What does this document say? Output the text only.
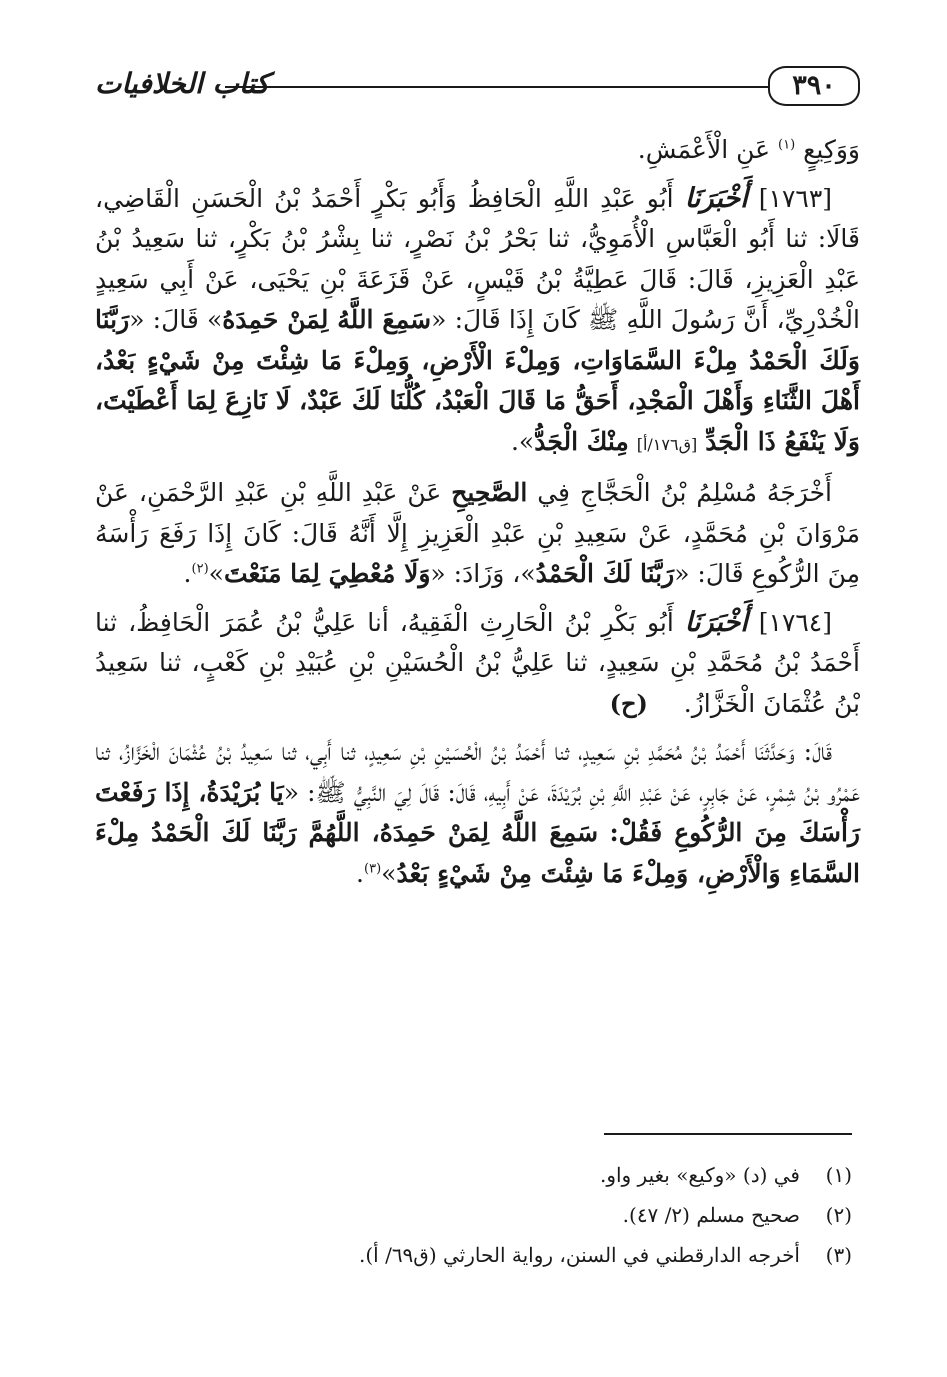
٣٩٠
كتاب الخلافيات

وَوَكِيعٍ $^{(١)}$ عَنِ الْأَعْمَشِ.

[١٧٦٣] أَخْبَرَنَا أَبُو عَبْدِ اللَّهِ الْحَافِظُ وَأَبُو بَكْرٍ أَحْمَدُ بْنُ الْحَسَنِ الْقَاضِي، قَالَا: ثنا أَبُو الْعَبَّاسِ الْأُمَوِيُّ، ثنا بَحْرُ بْنُ نَصْرٍ، ثنا بِشْرُ بْنُ بَكْرٍ، ثنا سَعِيدُ بْنُ عَبْدِ الْعَزِيزِ، قَالَ: قَالَ عَطِيَّةُ بْنُ قَيْسٍ، عَنْ قَزَعَةَ بْنِ يَحْيَى، عَنْ أَبِي سَعِيدٍ الْخُدْرِيِّ، أَنَّ رَسُولَ اللَّهِ ﷺ كَانَ إِذَا قَالَ: «سَمِعَ اللَّهُ لِمَنْ حَمِدَهُ» قَالَ: «رَبَّنَا وَلَكَ الْحَمْدُ مِلْءَ السَّمَاوَاتِ، وَمِلْءَ الْأَرْضِ، وَمِلْءَ مَا شِئْتَ مِنْ شَيْءٍ بَعْدُ، أَهْلَ الثَّنَاءِ وَأَهْلَ الْمَجْدِ، أَحَقُّ مَا قَالَ الْعَبْدُ، كُلُّنَا لَكَ عَبْدٌ، لَا نَازِعَ لِمَا أَعْطَيْتَ، وَلَا يَنْفَعُ ذَا الْجَدِّ [ق١٧٦/أ] مِنْكَ الْجَدُّ».

أَخْرَجَهُ مُسْلِمُ بْنُ الْحَجَّاجِ فِي الصَّحِيحِ عَنْ عَبْدِ اللَّهِ بْنِ عَبْدِ الرَّحْمَنِ، عَنْ مَرْوَانَ بْنِ مُحَمَّدٍ، عَنْ سَعِيدِ بْنِ عَبْدِ الْعَزِيزِ إِلَّا أَنَّهُ قَالَ: كَانَ إِذَا رَفَعَ رَأْسَهُ مِنَ الرُّكُوعِ قَالَ: «رَبَّنَا لَكَ الْحَمْدُ»، وَزَادَ: «وَلَا مُعْطِيَ لِمَا مَنَعْتَ»$^{(٢)}$.

[١٧٦٤] أَخْبَرَنَا أَبُو بَكْرِ بْنُ الْحَارِثِ الْفَقِيهُ، أنا عَلِيُّ بْنُ عُمَرَ الْحَافِظُ، ثنا أَحْمَدُ بْنُ مُحَمَّدِ بْنِ سَعِيدٍ، ثنا عَلِيُّ بْنُ الْحُسَيْنِ بْنِ عُبَيْدِ بْنِ كَعْبٍ، ثنا سَعِيدُ بْنُ عُثْمَانَ الْخَزَّازُ. (ح)

قَالَ: وَحَدَّثَنَا أَحْمَدُ بْنُ مُحَمَّدِ بْنِ سَعِيدٍ، ثنا أَحْمَدُ بْنُ الْحُسَيْنِ بْنِ سَعِيدٍ، ثنا أَبِي، ثنا سَعِيدُ بْنُ عُثْمَانَ الْخَزَّازُ، ثنا عَمْرُو بْنُ شِمْرٍ، عَنْ جَابِرٍ، عَنْ عَبْدِ اللَّهِ بْنِ بُرَيْدَةَ، عَنْ أَبِيهِ، قَالَ: قَالَ لِيَ النَّبِيُّ ﷺ: «يَا بُرَيْدَةُ، إِذَا رَفَعْتَ رَأْسَكَ مِنَ الرُّكُوعِ فَقُلْ: سَمِعَ اللَّهُ لِمَنْ حَمِدَهُ، اللَّهُمَّ رَبَّنَا لَكَ الْحَمْدُ مِلْءَ السَّمَاءِ وَالْأَرْضِ، وَمِلْءَ مَا شِئْتَ مِنْ شَيْءٍ بَعْدُ»$^{(٣)}$.

(١)
في (د) «وكيع» بغير واو.
(٢)
صحيح مسلم (٢/ ٤٧).
(٣)
أخرجه الدارقطني في السنن، رواية الحارثي (ق٦٩/ أ).
